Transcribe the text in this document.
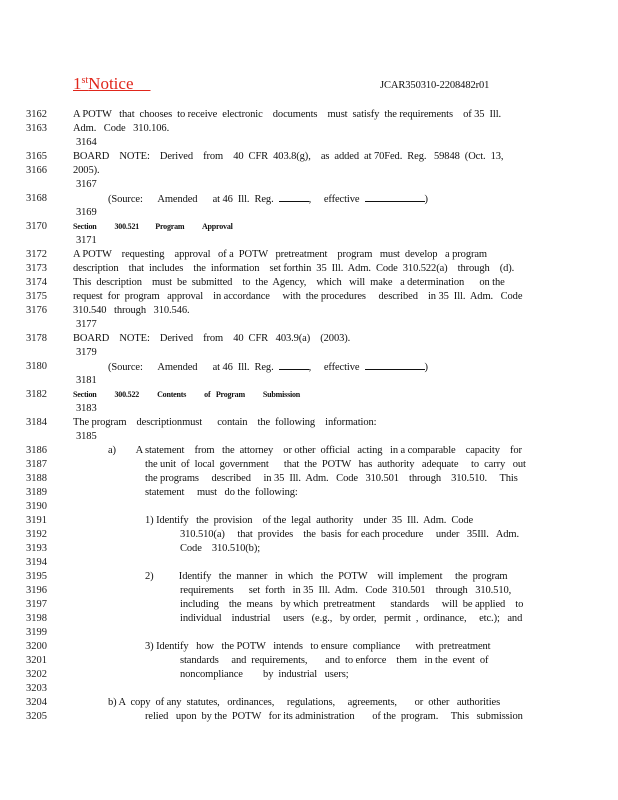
1stNotice	JCAR350310-2208482r01
3162	A POTW   that  chooses  to receive  electronic    documents    must  satisfy  the requirements    of 35  Ill.
3163	Adm.   Code   310.106.
3164
3165	BOARD    NOTE:    Derived    from    40  CFR  403.8(g),    as  added  at 70Fed.  Reg.   59848  (Oct.  13,
3166	2005).
3167
3168	(Source:      Amended      at 46  Ill.  Reg.	,     effective	)
3169
3170	Section          300.521         Program          Approval
3171
3172	A POTW    requesting    approval   of a  POTW   pretreatment    program   must  develop   a program
3173	description    that  includes    the  information    set forthin  35  Ill.  Adm.  Code  310.522(a)    through    (d).
3174	This  description    must  be  submitted    to  the  Agency,    which   will  make   a determination      on the
3175	request  for  program   approval    in accordance     with  the procedures     described    in 35  Ill.  Adm.   Code
3176	310.540   through   310.546.
3177
3178	BOARD    NOTE:    Derived    from    40  CFR   403.9(a)    (2003).
3179
3180	(Source:      Amended      at 46  Ill.  Reg.	,     effective	)
3181
3182	Section          300.522          Contents          of   Program          Submission
3183
3184	The program    descriptionmust      contain    the  following    information:
3185
3186	a)        A statement    from   the  attorney    or other  official   acting   in a comparable    capacity    for
3187	the unit  of  local  government      that  the  POTW   has  authority   adequate     to  carry   out
3188	the programs     described     in 35  Ill.  Adm.   Code   310.501    through    310.510.     This
3189	statement     must   do the  following:
3190
3191	1) Identify   the  provision    of the  legal  authority    under  35  Ill.  Adm.  Code
3192	310.510(a)     that  provides    the  basis  for each procedure     under   35Ill.   Adm.
3193	Code    310.510(b);
3194
3195	2)          Identify   the  manner   in  which   the  POTW    will  implement     the  program
3196	requirements      set  forth   in 35  Ill.  Adm.   Code  310.501    through   310.510,
3197	including    the  means   by which  pretreatment      standards     will  be applied    to
3198	individual    industrial     users   (e.g.,   by order,   permit  ,  ordinance,     etc.);   and
3199
3200	3) Identify   how   the POTW   intends   to ensure  compliance      with  pretreatment
3201	standards     and  requirements,       and  to enforce    them   in the  event  of
3202	noncompliance        by  industrial   users;
3203
3204	b) A  copy  of any  statutes,   ordinances,     regulations,     agreements,       or  other   authorities
3205	relied   upon  by the  POTW   for its administration       of the  program.     This   submission
